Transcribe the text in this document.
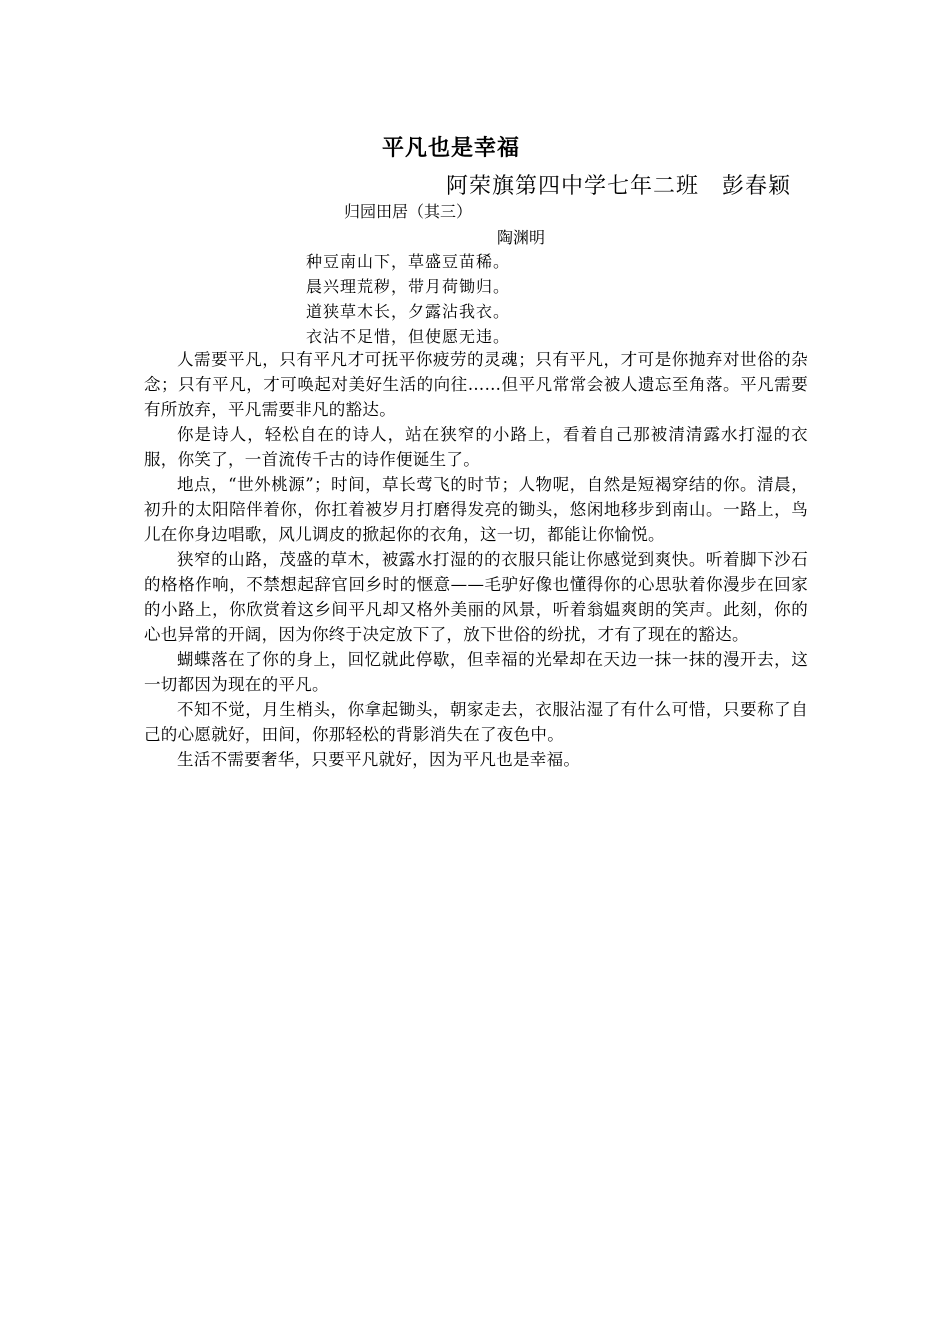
平凡也是幸福
阿荣旗第四中学七年二班　彭春颖
归园田居（其三）
陶渊明
种豆南山下，草盛豆苗稀。
晨兴理荒秽，带月荷锄归。
道狭草木长，夕露沾我衣。
衣沾不足惜，但使愿无违。

人需要平凡，只有平凡才可抚平你疲劳的灵魂；只有平凡，才可是你抛弃对世俗的杂念；只有平凡，才可唤起对美好生活的向往……但平凡常常会被人遗忘至角落。平凡需要有所放弃，平凡需要非凡的豁达。

你是诗人，轻松自在的诗人，站在狭窄的小路上，看着自己那被清清露水打湿的衣服，你笑了，一首流传千古的诗作便诞生了。

地点，“世外桃源”；时间，草长莺飞的时节；人物呢，自然是短褐穿结的你。清晨，初升的太阳陪伴着你，你扛着被岁月打磨得发亮的锄头，悠闲地移步到南山。一路上，鸟儿在你身边唱歌，风儿调皮的掀起你的衣角，这一切，都能让你愉悦。

狭窄的山路，茂盛的草木，被露水打湿的的衣服只能让你感觉到爽快。听着脚下沙石的格格作响，不禁想起辞官回乡时的惬意——毛驴好像也懂得你的心思驮着你漫步在回家的小路上，你欣赏着这乡间平凡却又格外美丽的风景，听着翁媪爽朗的笑声。此刻，你的心也异常的开阔，因为你终于决定放下了，放下世俗的纷扰，才有了现在的豁达。

蝴蝶落在了你的身上，回忆就此停歇，但幸福的光晕却在天边一抹一抹的漫开去，这一切都因为现在的平凡。

不知不觉，月生梢头，你拿起锄头，朝家走去，衣服沾湿了有什么可惜，只要称了自己的心愿就好，田间，你那轻松的背影消失在了夜色中。

生活不需要奢华，只要平凡就好，因为平凡也是幸福。
